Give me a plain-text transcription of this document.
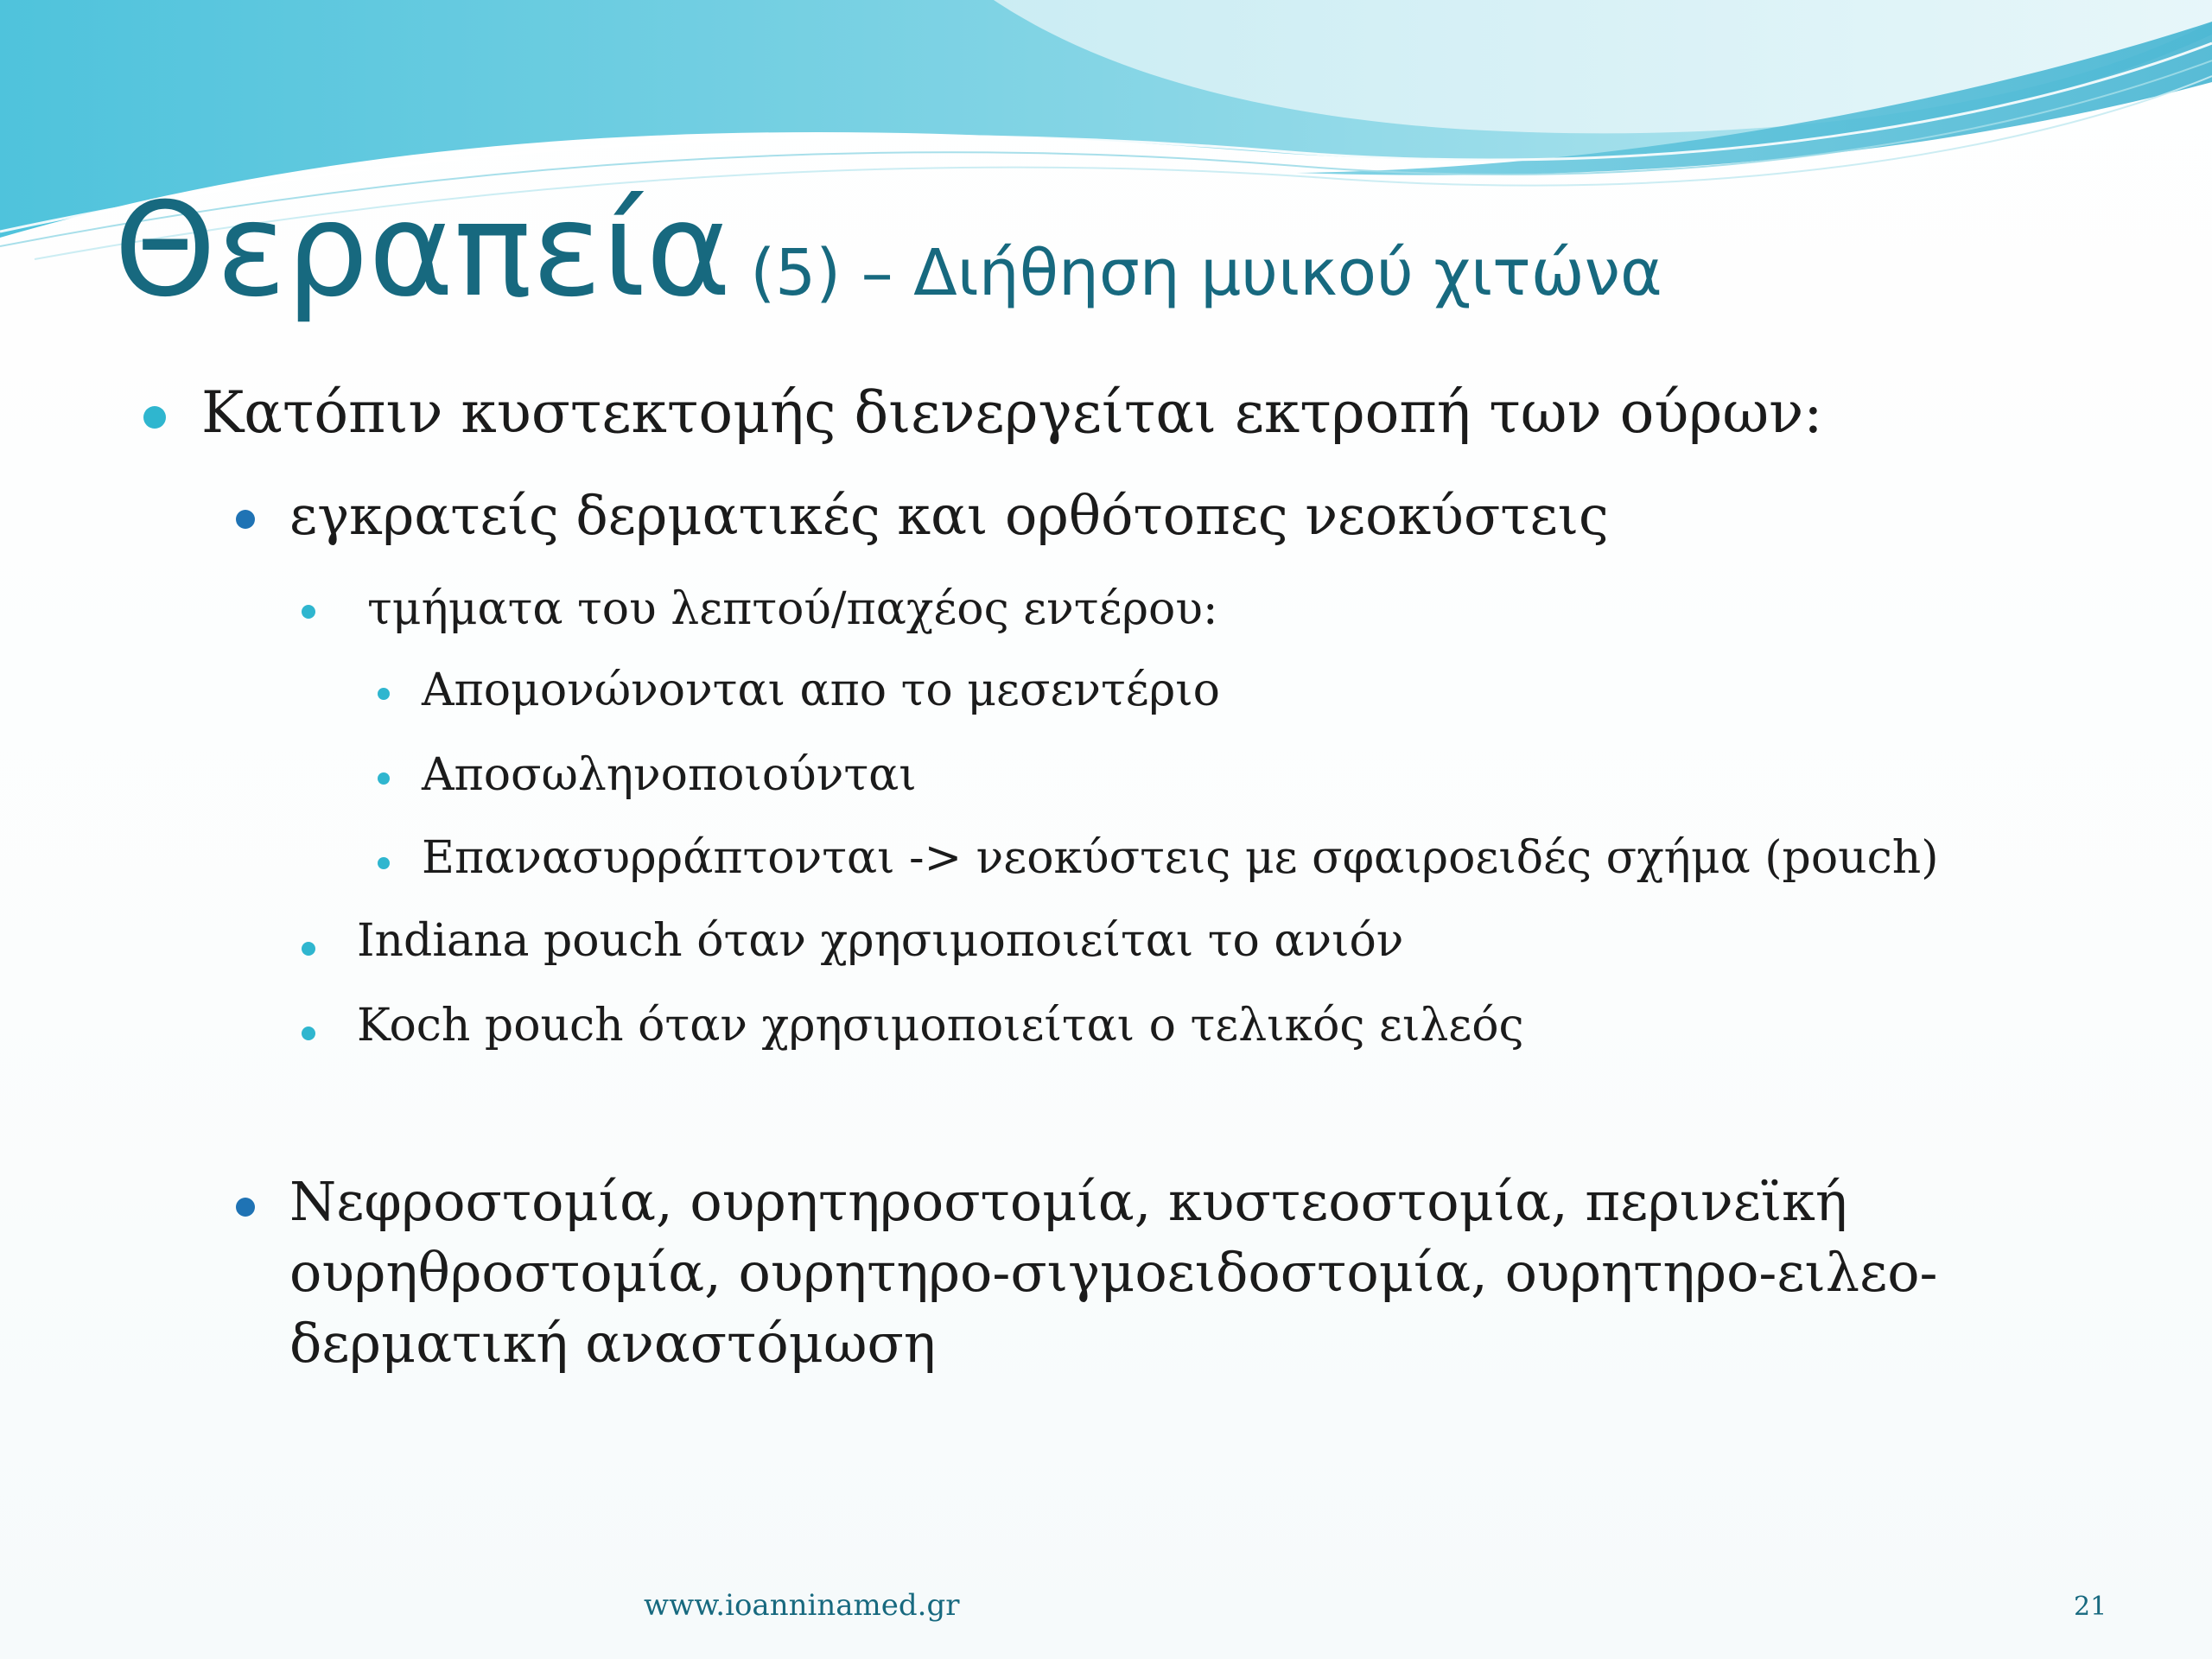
Θεραπεία (5) – Διήθηση μυικού χιτώνα
Κατόπιν κυστεκτομής διενεργείται εκτροπή των ούρων:
εγκρατείς δερματικές και ορθότοπες νεοκύστεις
τμήματα του λεπτού/παχέος εντέρου:
Απομονώνονται απο το μεσεντέριο
Αποσωληνοποιούνται
Επανασυρράπτονται -> νεοκύστεις με σφαιροειδές σχήμα (pouch)
Indiana pouch όταν χρησιμοποιείται το ανιόν
Koch pouch όταν χρησιμοποιείται ο τελικός ειλεός
Νεφροστομία, ουρητηροστομία, κυστεοστομία, περινεϊκή ουρηθροστομία, ουρητηρο-σιγμοειδοστομία, ουρητηρο-ειλεο-δερματική αναστόμωση
www.ioanninamed.gr	21
